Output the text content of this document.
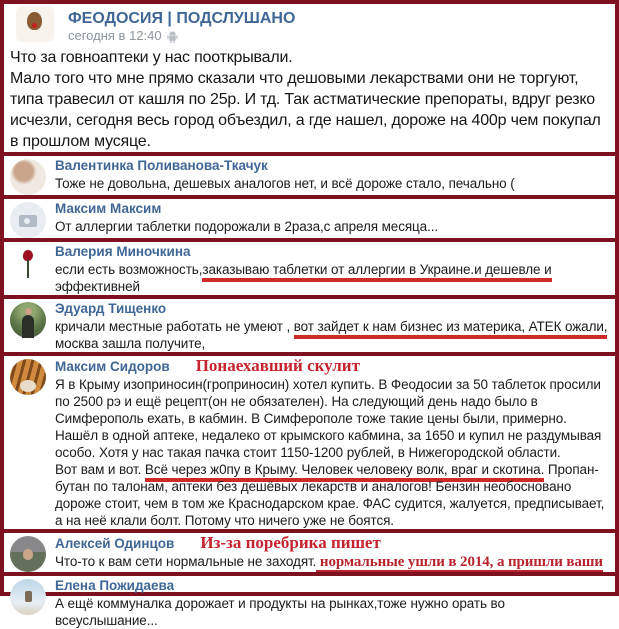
ФЕОДОСИЯ | ПОДСЛУШАНО
сегодня в 12:40
Что за говноаптеки у нас пооткрывали.
Мало того что мне прямо сказали что дешовыми лекарствами они не торгуют, типа травесил от кашля по 25р. И тд. Так астматические препораты, вдруг резко исчезли, сегодня весь город объездил, а где нашел, дороже на 400р чем покупал в прошлом мусяце.
Валентинка Поливанова-Ткачук
Тоже не довольна, дешевых аналогов нет, и всё дороже стало, печально (
Максим Максим
От аллергии таблетки подорожали в 2раза,с апреля месяца...
Валерия Миночкина
если есть возможность,заказываю таблетки от аллергии в Украине.и дешевле и эффективней
Эдуард Тищенко
кричали местные работать не умеют , вот зайдет к нам бизнес из материка, АТЕК ожали, москва зашла получите,
Максим Сидоров Понаехавший скулит
Я в Крыму изоприносин(гроприносин) хотел купить. В Феодосии за 50 таблеток просили по 2500 рэ и ещё рецепт(он не обязателен). На следующий день надо было в Симферополь ехать, в кабмин. В Симферополе тоже такие цены были, примерно. Нашёл в одной аптеке, недалеко от крымского кабмина, за 1650 и купил не раздумывая особо. Хотя у нас такая пачка стоит 1150-1200 рублей, в Нижегородской области.
Вот вам и вот. Всё через ж0пу в Крыму. Человек человеку волк, враг и скотина. Пропан-бутан по талонам, аптеки без дешёвых лекарств и аналогов! Бензин необосновано дороже стоит, чем в том же Краснодарском крае. ФАС судится, жалуется, предписывает, а на неё клали болт. Потому что ничего уже не боятся.
Алексей Одинцов Из-за поребрика пишет
Что-то к вам сети нормальные не заходят. нормальные ушли в 2014, а пришли ваши
Елена Пожидаева
А ещё коммуналка дорожает и продукты на рынках,тоже нужно орать во всеуслышание...
